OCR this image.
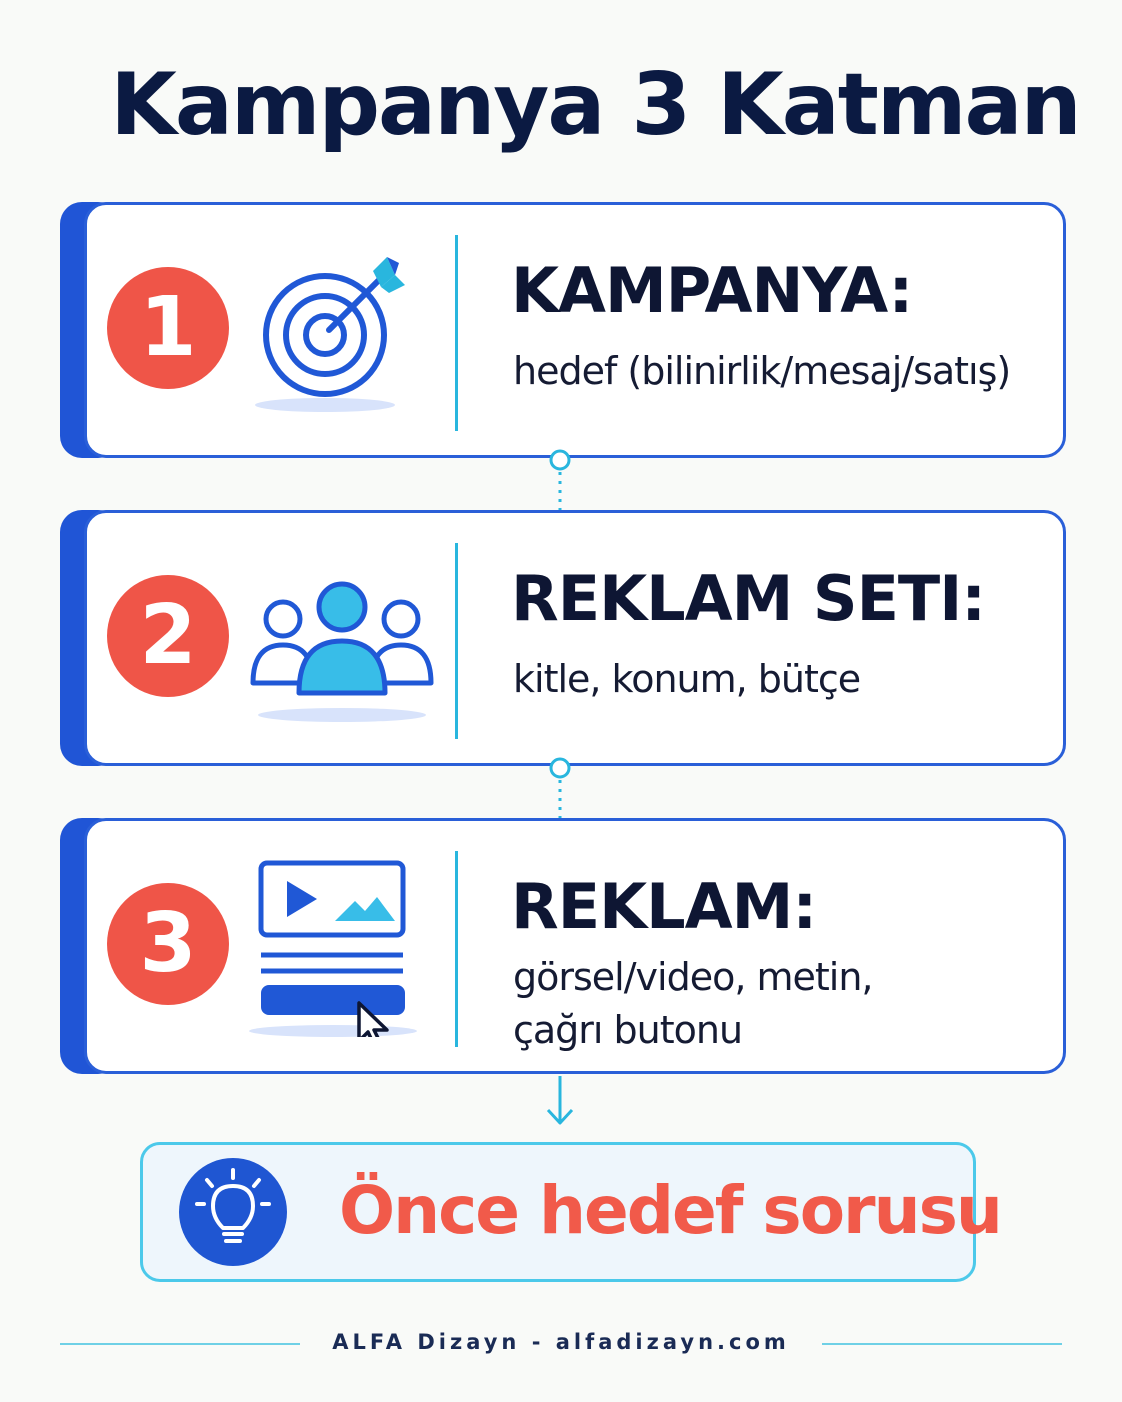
Kampanya 3 Katman
1	KAMPANYA:

hedef (bilinirlik/mesaj/satış)

2	REKLAM SETI:

kitle, konum, bütçe

3	REKLAM:

görsel/video, metin,
çağrı butonu

Önce hedef sorusu

ALFA Dizayn - alfadizayn.com
